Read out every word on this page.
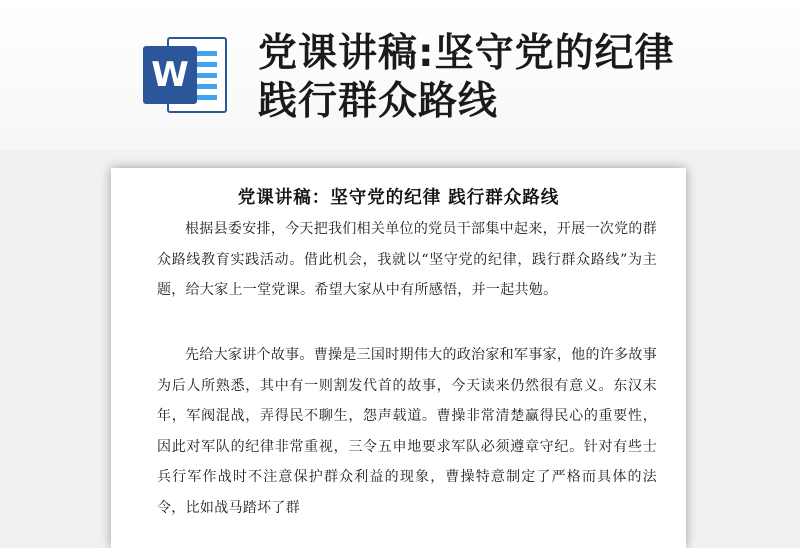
W 党课讲稿:坚守党的纪律践行群众路线
党课讲稿：坚守党的纪律 践行群众路线

根据县委安排，今天把我们相关单位的党员干部集中起来，开展一次党的群众路线教育实践活动。借此机会，我就以“坚守党的纪律，践行群众路线”为主题，给大家上一堂党课。希望大家从中有所感悟，并一起共勉。

先给大家讲个故事。曹操是三国时期伟大的政治家和军事家，他的许多故事为后人所熟悉，其中有一则割发代首的故事，今天读来仍然很有意义。东汉末年，军阀混战，弄得民不聊生，怨声载道。曹操非常清楚赢得民心的重要性，因此对军队的纪律非常重视，三令五申地要求军队必须遵章守纪。针对有些士兵行军作战时不注意保护群众利益的现象，曹操特意制定了严格而具体的法令，比如战马踏坏了群
